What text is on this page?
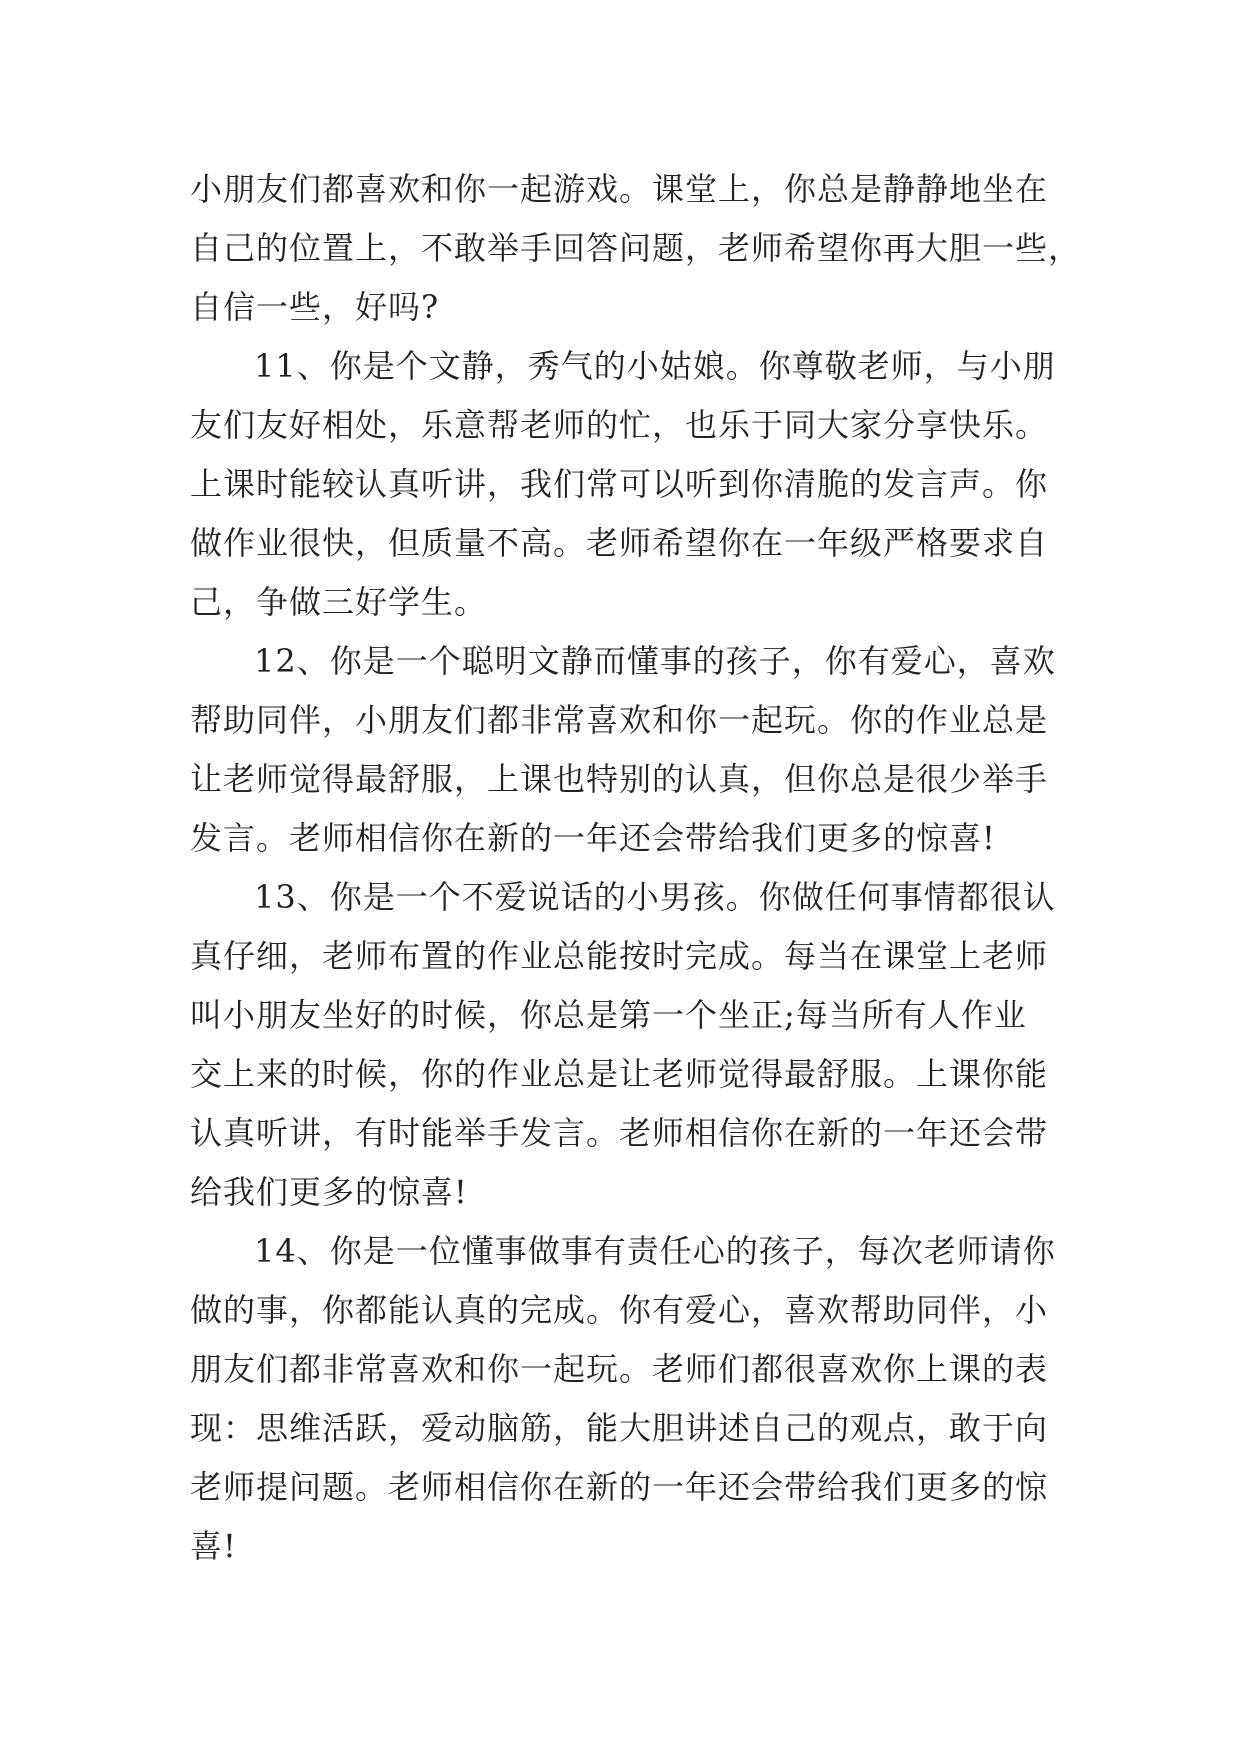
小朋友们都喜欢和你一起游戏。课堂上，你总是静静地坐在
自己的位置上，不敢举手回答问题，老师希望你再大胆一些，
自信一些，好吗?

11、你是个文静，秀气的小姑娘。你尊敬老师，与小朋
友们友好相处，乐意帮老师的忙，也乐于同大家分享快乐。
上课时能较认真听讲，我们常可以听到你清脆的发言声。你
做作业很快，但质量不高。老师希望你在一年级严格要求自
己，争做三好学生。

12、你是一个聪明文静而懂事的孩子，你有爱心，喜欢
帮助同伴，小朋友们都非常喜欢和你一起玩。你的作业总是
让老师觉得最舒服，上课也特别的认真，但你总是很少举手
发言。老师相信你在新的一年还会带给我们更多的惊喜!

13、你是一个不爱说话的小男孩。你做任何事情都很认
真仔细，老师布置的作业总能按时完成。每当在课堂上老师
叫小朋友坐好的时候，你总是第一个坐正;每当所有人作业
交上来的时候，你的作业总是让老师觉得最舒服。上课你能
认真听讲，有时能举手发言。老师相信你在新的一年还会带
给我们更多的惊喜!

14、你是一位懂事做事有责任心的孩子，每次老师请你
做的事，你都能认真的完成。你有爱心，喜欢帮助同伴，小
朋友们都非常喜欢和你一起玩。老师们都很喜欢你上课的表
现：思维活跃，爱动脑筋，能大胆讲述自己的观点，敢于向
老师提问题。老师相信你在新的一年还会带给我们更多的惊
喜!
